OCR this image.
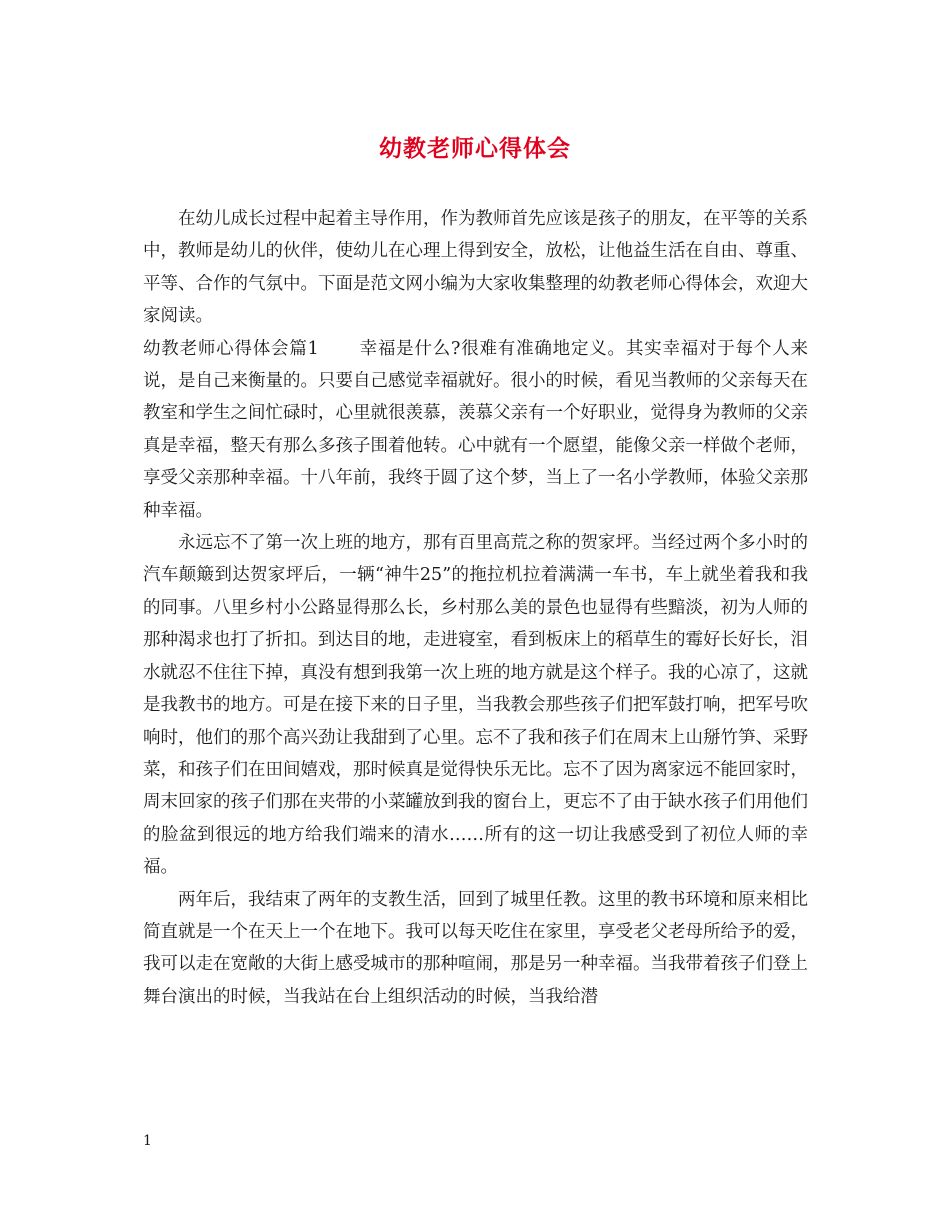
幼教老师心得体会

在幼儿成长过程中起着主导作用，作为教师首先应该是孩子的朋友，在平等的关系中，教师是幼儿的伙伴，使幼儿在心理上得到安全，放松，让他益生活在自由、尊重、平等、合作的气氛中。下面是范文网小编为大家收集整理的幼教老师心得体会，欢迎大家阅读。

幼教老师心得体会篇1 幸福是什么?很难有准确地定义。其实幸福对于每个人来说，是自己来衡量的。只要自己感觉幸福就好。很小的时候，看见当教师的父亲每天在教室和学生之间忙碌时，心里就很羡慕，羡慕父亲有一个好职业，觉得身为教师的父亲真是幸福，整天有那么多孩子围着他转。心中就有一个愿望，能像父亲一样做个老师，享受父亲那种幸福。十八年前，我终于圆了这个梦，当上了一名小学教师，体验父亲那种幸福。

永远忘不了第一次上班的地方，那有百里高荒之称的贺家坪。当经过两个多小时的汽车颠簸到达贺家坪后，一辆“神牛25”的拖拉机拉着满满一车书，车上就坐着我和我的同事。八里乡村小公路显得那么长，乡村那么美的景色也显得有些黯淡，初为人师的那种渴求也打了折扣。到达目的地，走进寝室，看到板床上的稻草生的霉好长好长，泪水就忍不住往下掉，真没有想到我第一次上班的地方就是这个样子。我的心凉了，这就是我教书的地方。可是在接下来的日子里，当我教会那些孩子们把军鼓打响，把军号吹响时，他们的那个高兴劲让我甜到了心里。忘不了我和孩子们在周末上山掰竹笋、采野菜，和孩子们在田间嬉戏，那时候真是觉得快乐无比。忘不了因为离家远不能回家时，周末回家的孩子们那在夹带的小菜罐放到我的窗台上，更忘不了由于缺水孩子们用他们的脸盆到很远的地方给我们端来的清水……所有的这一切让我感受到了初位人师的幸福。

两年后，我结束了两年的支教生活，回到了城里任教。这里的教书环境和原来相比简直就是一个在天上一个在地下。我可以每天吃住在家里，享受老父老母所给予的爱，我可以走在宽敞的大街上感受城市的那种喧闹，那是另一种幸福。当我带着孩子们登上舞台演出的时候，当我站在台上组织活动的时候，当我给潜

1
